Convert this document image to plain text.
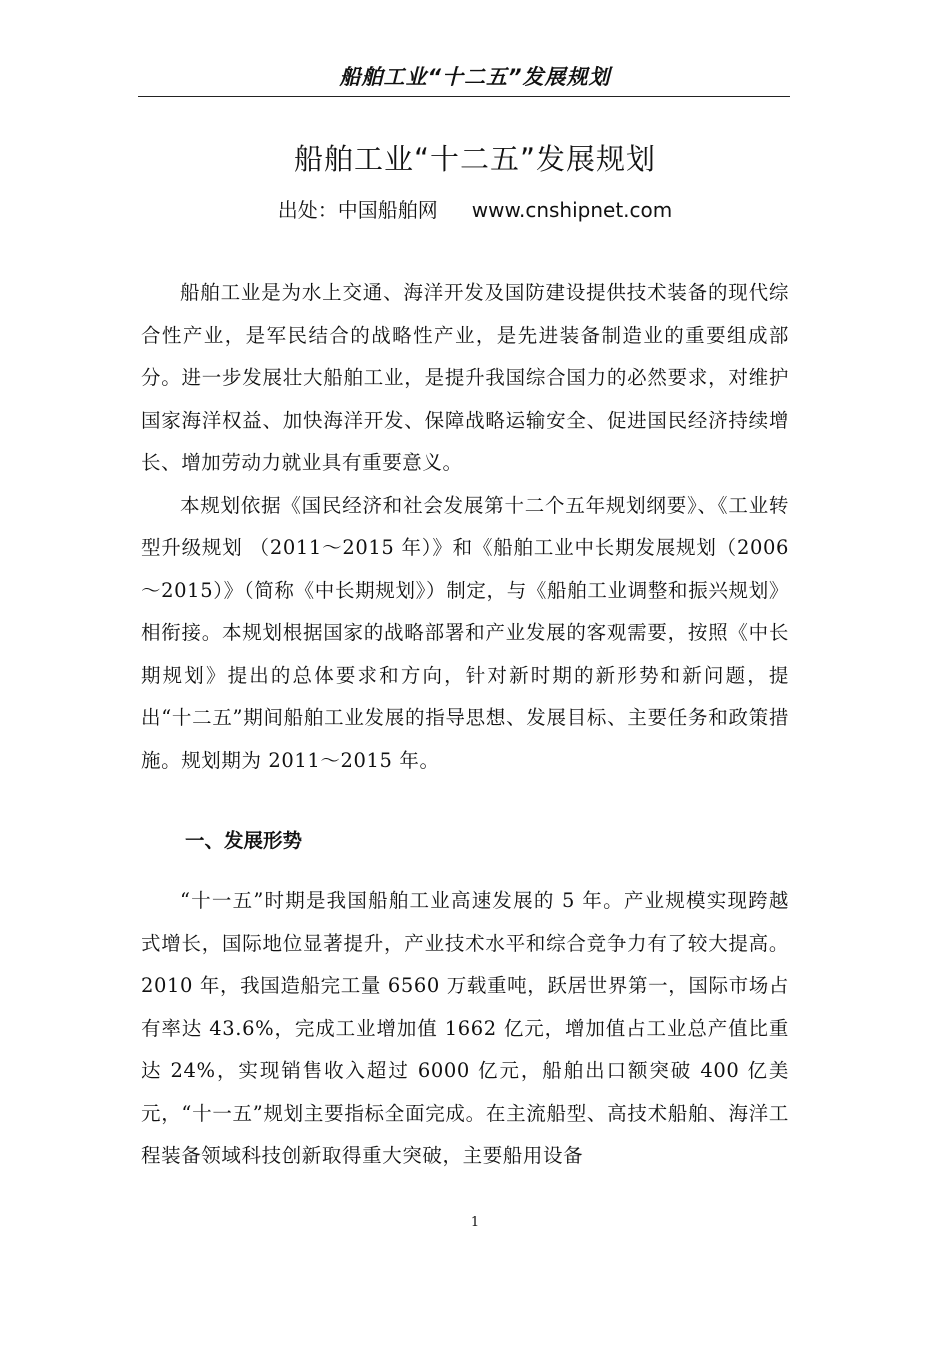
船舶工业“十二五”发展规划
船舶工业“十二五”发展规划
出处：中国船舶网 www.cnshipnet.com

船舶工业是为水上交通、海洋开发及国防建设提供技术装备的现代综合性产业，是军民结合的战略性产业，是先进装备制造业的重要组成部分。进一步发展壮大船舶工业，是提升我国综合国力的必然要求，对维护国家海洋权益、加快海洋开发、保障战略运输安全、促进国民经济持续增长、增加劳动力就业具有重要意义。

本规划依据《国民经济和社会发展第十二个五年规划纲要》、《工业转型升级规划 （2011～2015 年）》和《船舶工业中长期发展规划（2006～2015）》（简称《中长期规划》）制定，与《船舶工业调整和振兴规划》相衔接。本规划根据国家的战略部署和产业发展的客观需要，按照《中长期规划》提出的总体要求和方向，针对新时期的新形势和新问题，提出“十二五”期间船舶工业发展的指导思想、发展目标、主要任务和政策措施。规划期为 2011～2015 年。

一、发展形势

“十一五”时期是我国船舶工业高速发展的 5 年。产业规模实现跨越式增长，国际地位显著提升，产业技术水平和综合竞争力有了较大提高。2010 年，我国造船完工量 6560 万载重吨，跃居世界第一，国际市场占有率达 43.6%，完成工业增加值 1662 亿元，增加值占工业总产值比重达 24%，实现销售收入超过 6000 亿元，船舶出口额突破 400 亿美元，“十一五”规划主要指标全面完成。在主流船型、高技术船舶、海洋工程装备领域科技创新取得重大突破，主要船用设备

1
